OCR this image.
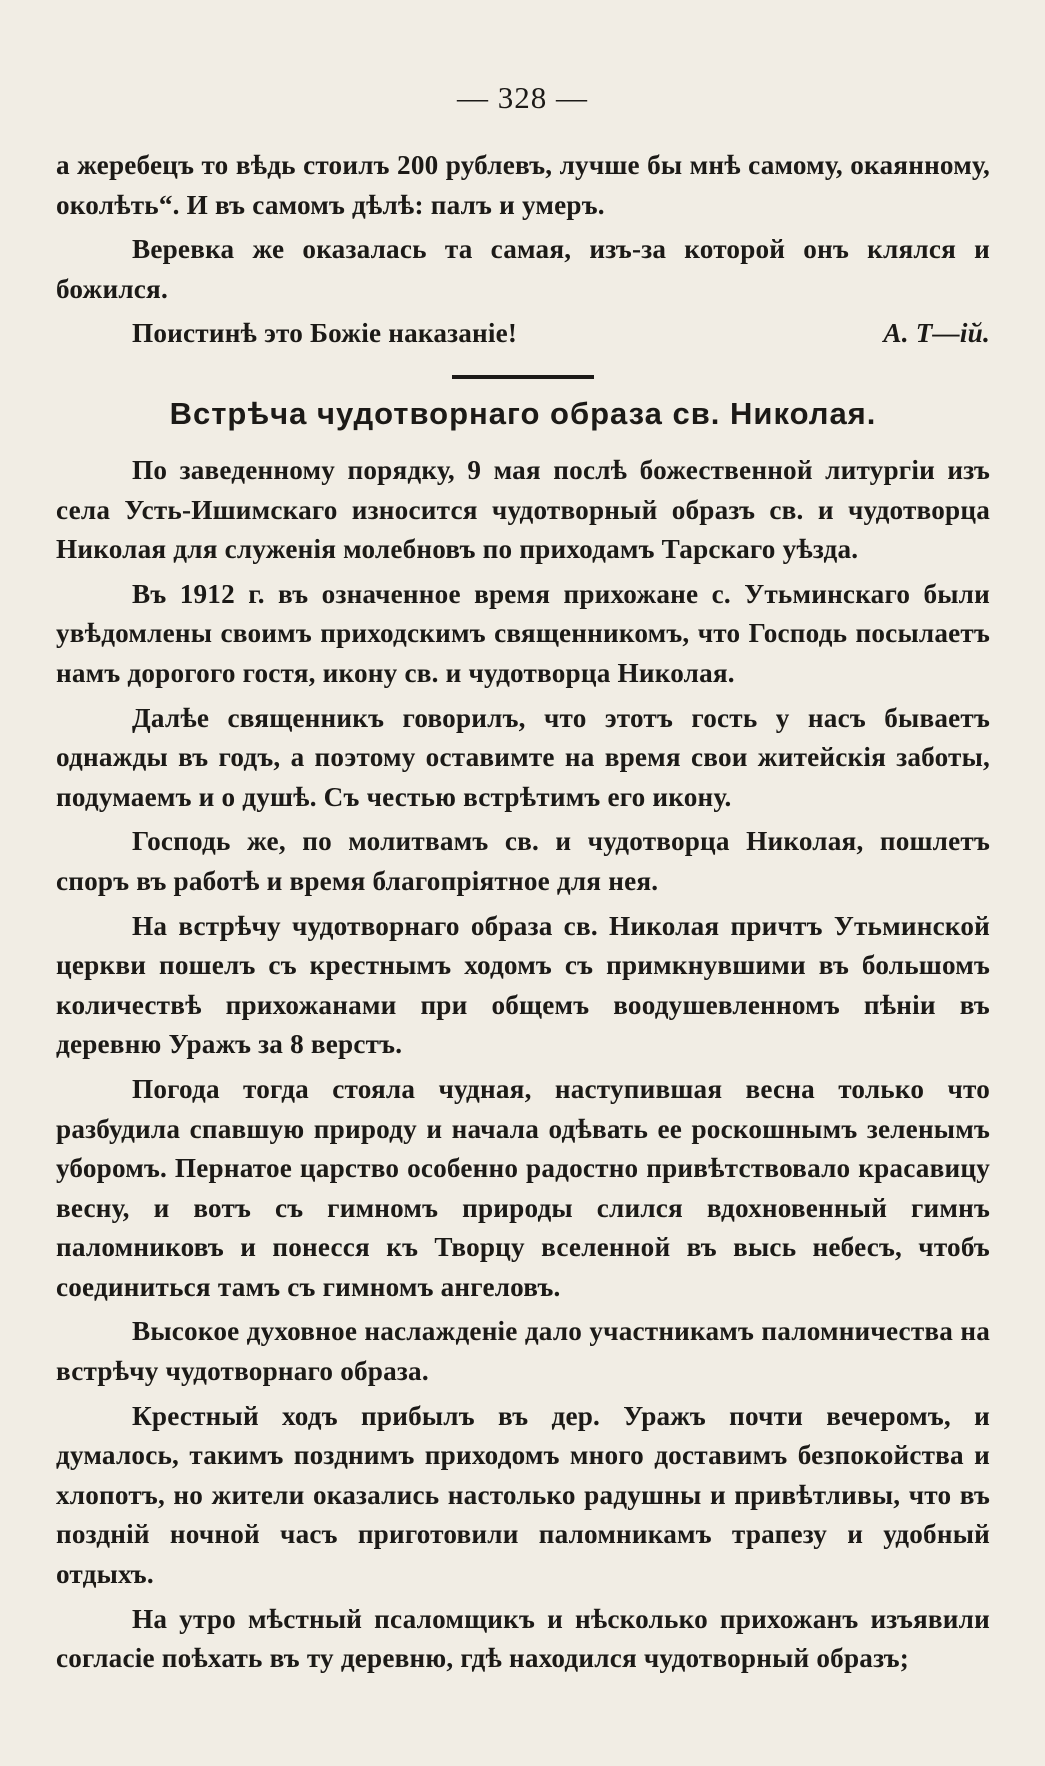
— 328 —

а жеребецъ то вѣдь стоилъ 200 рублевъ, лучше бы мнѣ самому, окаянному, околѣть“. И въ самомъ дѣлѣ: палъ и умеръ.

Веревка же оказалась та самая, изъ-за которой онъ клялся и божился.

Поистинѣ это Божіе наказаніе!	А. Т—ій.

Встрѣча чудотворнаго образа св. Николая.

По заведенному порядку, 9 мая послѣ божественной литургіи изъ села Усть-Ишимскаго износится чудотворный образъ св. и чудотворца Николая для служенія молебновъ по приходамъ Тарскаго уѣзда.

Въ 1912 г. въ означенное время прихожане с. Утьминскаго были увѣдомлены своимъ приходскимъ священникомъ, что Господь посылаетъ намъ дорогого гостя, икону св. и чудотворца Николая.

Далѣе священникъ говорилъ, что этотъ гость у насъ бываетъ однажды въ годъ, а поэтому оставимте на время свои житейскія заботы, подумаемъ и о душѣ. Съ честью встрѣтимъ его икону.

Господь же, по молитвамъ св. и чудотворца Николая, пошлетъ споръ въ работѣ и время благопріятное для нея.

На встрѣчу чудотворнаго образа св. Николая причтъ Утьминской церкви пошелъ съ крестнымъ ходомъ съ примкнувшими въ большомъ количествѣ прихожанами при общемъ воодушевленномъ пѣніи въ деревню Уражъ за 8 верстъ.

Погода тогда стояла чудная, наступившая весна только что разбудила спавшую природу и начала одѣвать ее роскошнымъ зеленымъ уборомъ. Пернатое царство особенно радостно привѣтствовало красавицу весну, и вотъ съ гимномъ природы слился вдохновенный гимнъ паломниковъ и понесся къ Творцу вселенной въ высь небесъ, чтобъ соединиться тамъ съ гимномъ ангеловъ.

Высокое духовное наслажденіе дало участникамъ паломничества на встрѣчу чудотворнаго образа.

Крестный ходъ прибылъ въ дер. Уражъ почти вечеромъ, и думалось, такимъ позднимъ приходомъ много доставимъ безпокойства и хлопотъ, но жители оказались настолько радушны и привѣтливы, что въ поздній ночной часъ приготовили паломникамъ трапезу и удобный отдыхъ.

На утро мѣстный псаломщикъ и нѣсколько прихожанъ изъявили согласіе поѣхать въ ту деревню, гдѣ находился чудотворный образъ;
